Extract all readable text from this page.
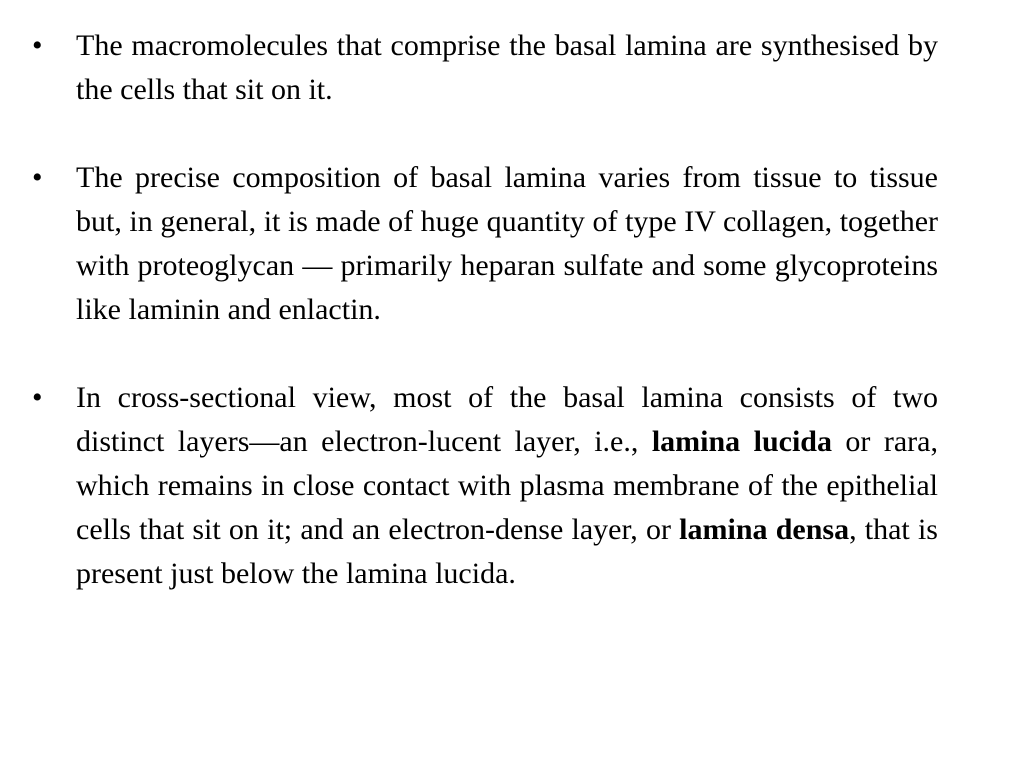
•	The macromolecules that comprise the basal lamina are synthesised by the cells that sit on it.
•	The precise composition of basal lamina varies from tissue to tissue but, in general, it is made of huge quantity of type IV collagen, together with proteoglycan — primarily heparan sulfate and some glycoproteins like laminin and enlactin.
•	In cross-sectional view, most of the basal lamina consists of two distinct layers—an electron-lucent layer, i.e., lamina lucida or rara, which remains in close contact with plasma membrane of the epithelial cells that sit on it; and an electron-dense layer, or lamina densa, that is present just below the lamina lucida.
